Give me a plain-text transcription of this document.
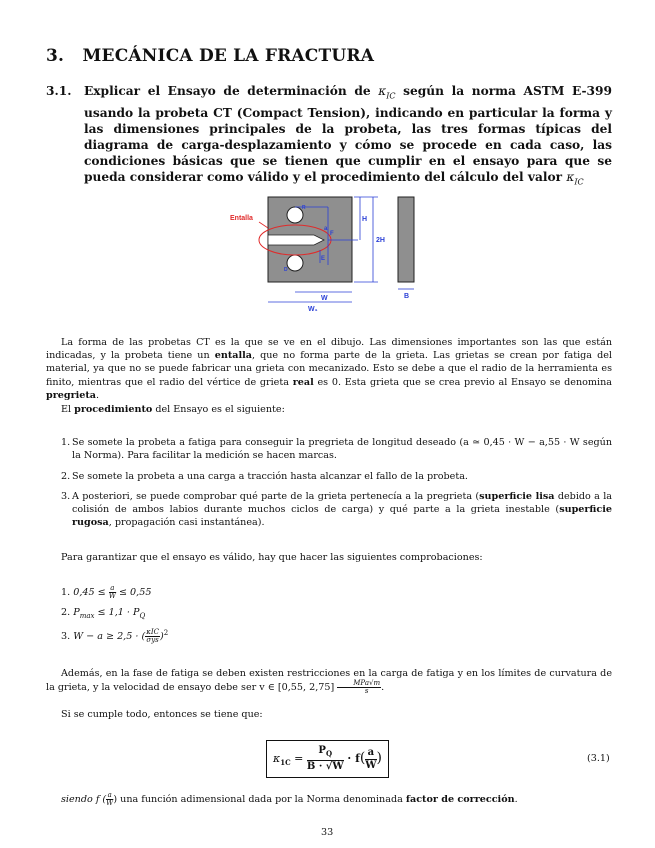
3. MECÁNICA DE LA FRACTURA
3.1. Explicar el Ensayo de determinación de $\kappa_{IC}$ según la norma ASTM E-399 usando la probeta CT (Compact Tension), indicando en particular la forma y las dimensiones principales de la probeta, las tres formas típicas del diagrama de carga-desplazamiento y cómo se procede en cada caso, las condiciones básicas que se tienen que cumplir en el ensayo para que se pueda considerar como válido y el procedimiento del cálculo del valor $\kappa_{IC}$
Entalla	H
2H
W
W₁
B
F
E
a
R
D
La forma de las probetas CT es la que se ve en el dibujo. Las dimensiones importantes son las que están indicadas, y la probeta tiene un entalla, que no forma parte de la grieta. Las grietas se crean por fatiga del material, ya que no se puede fabricar una grieta con mecanizado. Esto se debe a que el radio de la herramienta es finito, mientras que el radio del vértice de grieta real es 0. Esta grieta que se crea previo al Ensayo se denomina pregrieta.
El procedimiento del Ensayo es el siguiente:
1. Se somete la probeta a fatiga para conseguir la pregrieta de longitud deseado (a ≃ 0,45 · W − a,55 · W según la Norma). Para facilitar la medición se hacen marcas.
2. Se somete la probeta a una carga a tracción hasta alcanzar el fallo de la probeta.
3. A posteriori, se puede comprobar qué parte de la grieta pertenecía a la pregrieta (superficie lisa debido a la colisión de ambos labios durante muchos ciclos de carga) y qué parte a la grieta inestable (superficie rugosa, propagación casi instantánea).
Para garantizar que el ensayo es válido, hay que hacer las siguientes comprobaciones:
1. $0,45 \le \frac{a}{W} \le 0,55$
2. $P_{max} \le 1,1 \cdot P_Q$
3. W − a ≥ 2,5 · ( $\frac{\text{κIC}}{\text{σys}} )^2$
Además, en la fase de fatiga se deben existen restricciones en la carga de fatiga y en los límites de curvatura de la grieta, y la velocidad de ensayo debe ser v ∈ [0,55, $2,75] \frac{\text{MPa√m}}{s}$ .
Si se cumple todo, entonces se tiene que:
$\kappa_{1C} = \frac{P_Q}{B \cdot √W} \cdot f( \frac{a}{W}$ )	(3.1)
siendo f ( $\frac{a}{W}$ ) una función adimensional dada por la Norma denominada factor de corrección.
33
